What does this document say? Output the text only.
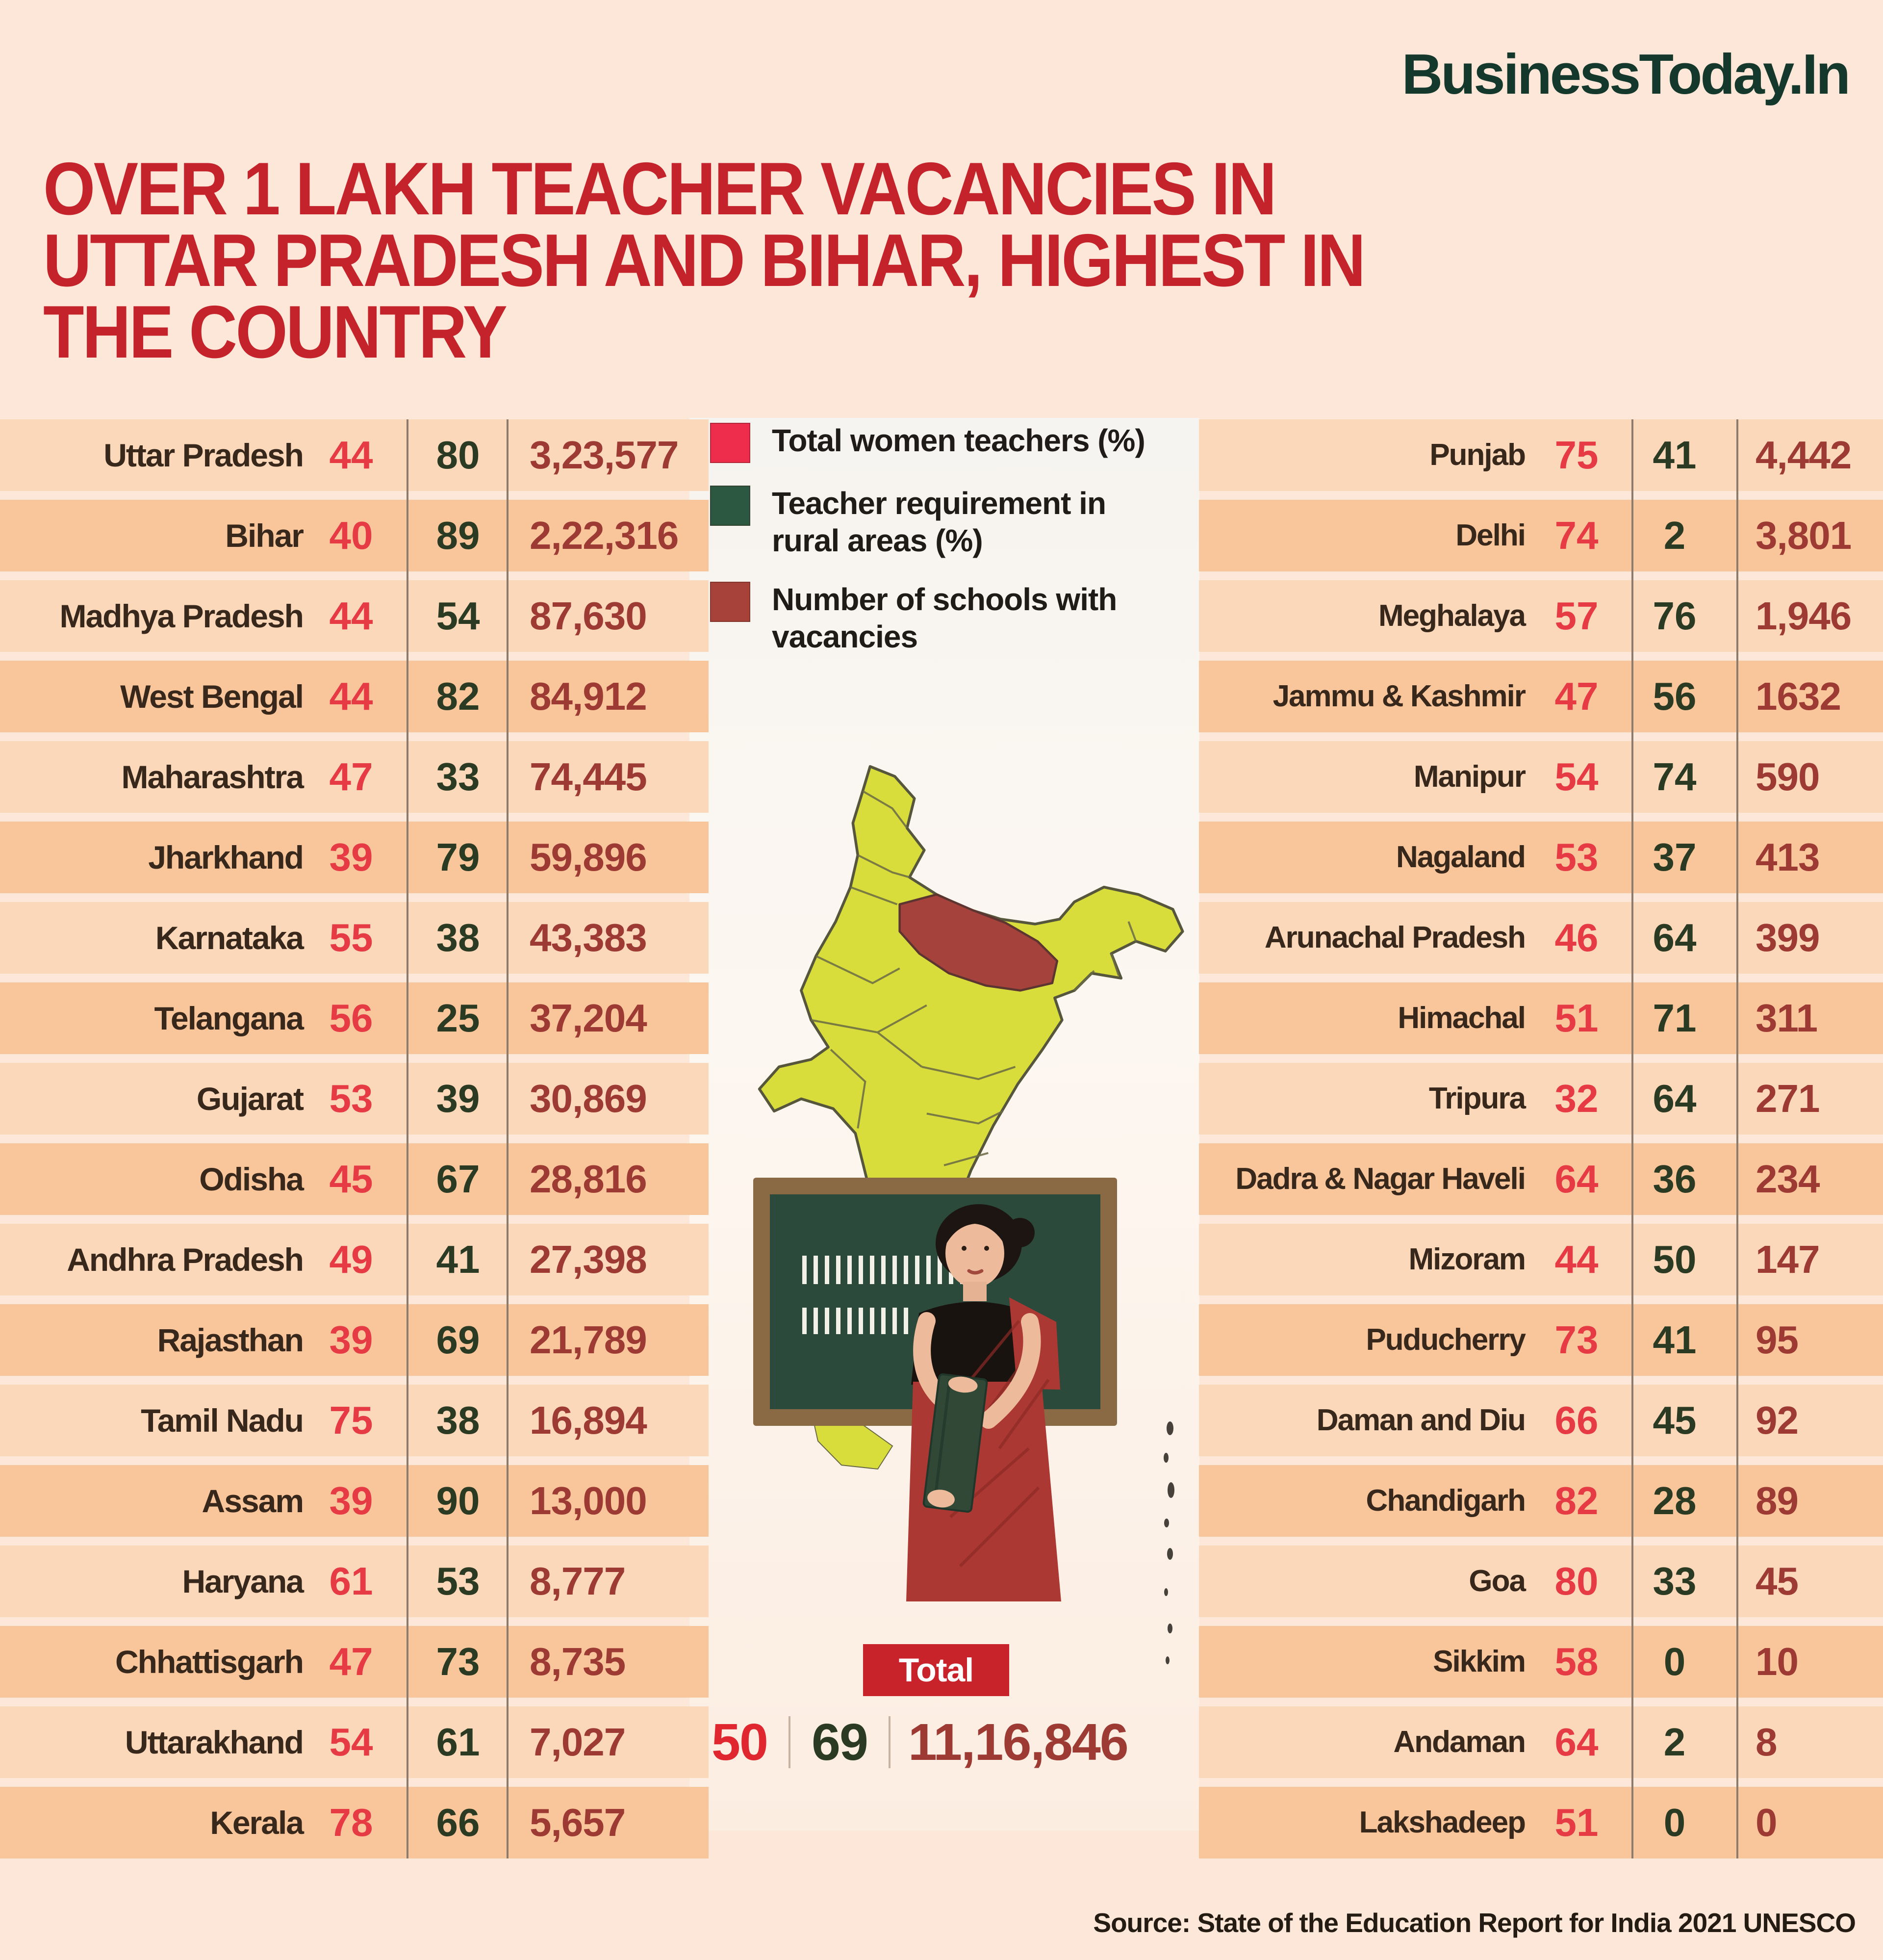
BusinessToday.In
OVER 1 LAKH TEACHER VACANCIES IN
UTTAR PRADESH AND BIHAR, HIGHEST IN
THE COUNTRY
Total women teachers (%)
Teacher requirement in rural areas (%)
Number of schools with vacancies
Uttar Pradesh 44	80	3,23,577
Bihar 40	89	2,22,316
Madhya Pradesh 44	54	87,630
West Bengal 44	82	84,912
Maharashtra 47	33	74,445
Jharkhand 39	79	59,896
Karnataka 55	38	43,383
Telangana 56	25	37,204
Gujarat 53	39	30,869
Odisha 45	67	28,816
Andhra Pradesh 49	41	27,398
Rajasthan 39	69	21,789
Tamil Nadu 75	38	16,894
Assam 39	90	13,000
Haryana 61	53	8,777
Chhattisgarh 47	73	8,735
Uttarakhand 54	61	7,027
Kerala 78	66	5,657
Punjab 75	41	4,442
Delhi 74	2	3,801
Meghalaya 57	76	1,946
Jammu & Kashmir 47	56	1632
Manipur 54	74	590
Nagaland 53	37	413
Arunachal Pradesh 46	64	399
Himachal 51	71	311
Tripura 32	64	271
Dadra & Nagar Haveli 64	36	234
Mizoram 44	50	147
Puducherry 73	41	95
Daman and Diu 66	45	92
Chandigarh 82	28	89
Goa 80	33	45
Sikkim 58	0	10
Andaman 64	2	8
Lakshadeep 51	0	0
Total
50 69 11,16,846
Source: State of the Education Report for India 2021 UNESCO
